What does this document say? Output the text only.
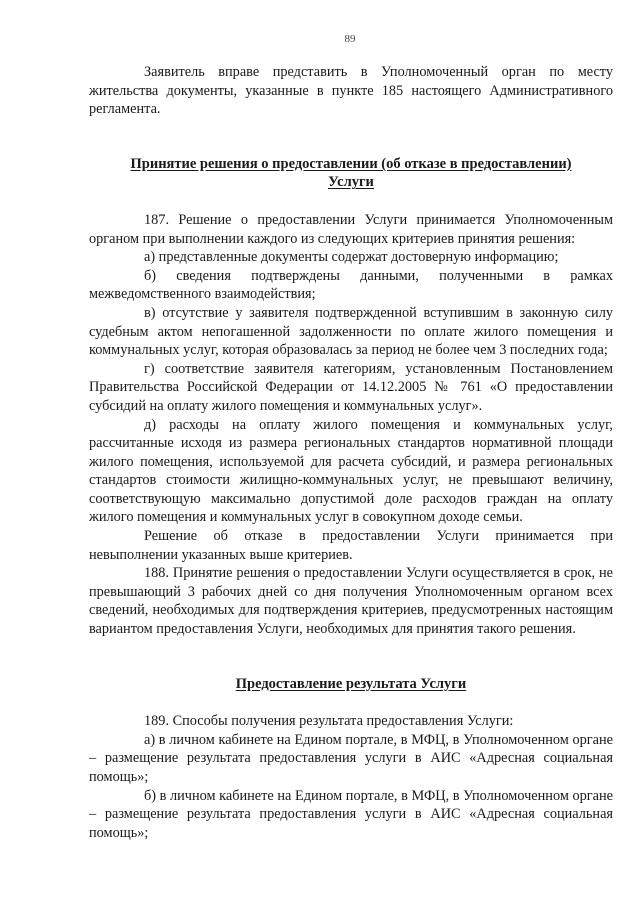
89

Заявитель вправе представить в Уполномоченный орган по месту жительства документы, указанные в пункте 185 настоящего Административного регламента.

Принятие решения о предоставлении (об отказе в предоставлении)
Услуги

187. Решение о предоставлении Услуги принимается Уполномоченным органом при выполнении каждого из следующих критериев принятия решения:

а) представленные документы содержат достоверную информацию;

б) сведения подтверждены данными, полученными в рамках межведомственного взаимодействия;

в) отсутствие у заявителя подтвержденной вступившим в законную силу судебным актом непогашенной задолженности по оплате жилого помещения и коммунальных услуг, которая образовалась за период не более чем 3 последних года;

г) соответствие заявителя категориям, установленным Постановлением Правительства Российской Федерации от 14.12.2005 № 761 «О предоставлении субсидий на оплату жилого помещения и коммунальных услуг».

д) расходы на оплату жилого помещения и коммунальных услуг, рассчитанные исходя из размера региональных стандартов нормативной площади жилого помещения, используемой для расчета субсидий, и размера региональных стандартов стоимости жилищно-коммунальных услуг, не превышают величину, соответствующую максимально допустимой доле расходов граждан на оплату жилого помещения и коммунальных услуг в совокупном доходе семьи.

Решение об отказе в предоставлении Услуги принимается при невыполнении указанных выше критериев.

188. Принятие решения о предоставлении Услуги осуществляется в срок, не превышающий 3 рабочих дней со дня получения Уполномоченным органом всех сведений, необходимых для подтверждения критериев, предусмотренных настоящим вариантом предоставления Услуги, необходимых для принятия такого решения.

Предоставление результата Услуги

189. Способы получения результата предоставления Услуги:

а) в личном кабинете на Едином портале, в МФЦ, в Уполномоченном органе – размещение результата предоставления услуги в АИС «Адресная социальная помощь»;

б) в личном кабинете на Едином портале, в МФЦ, в Уполномоченном органе – размещение результата предоставления услуги в АИС «Адресная социальная помощь»;
